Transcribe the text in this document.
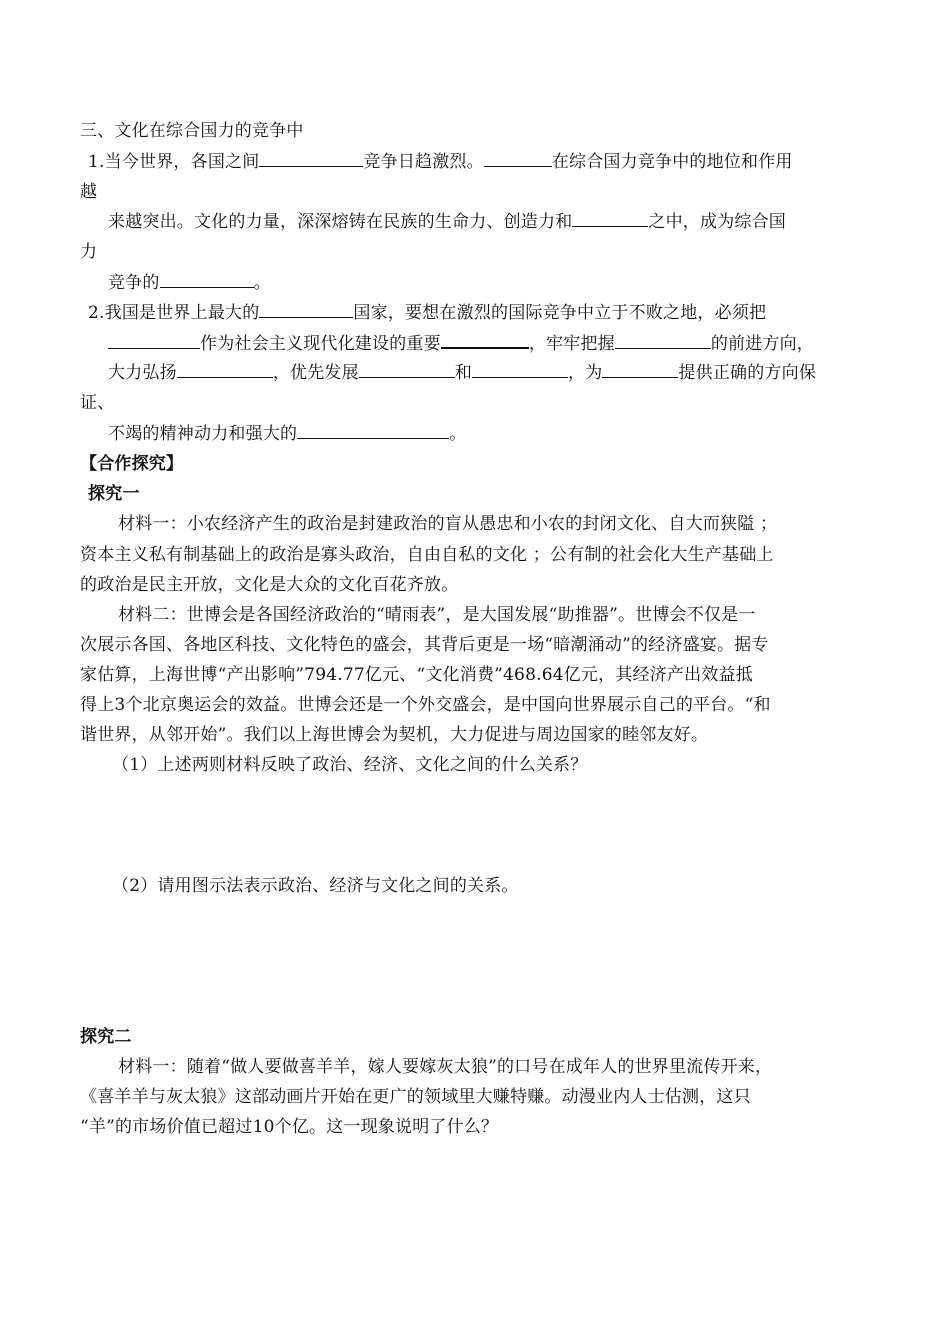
三、文化在综合国力的竞争中
1.当今世界，各国之间	竞争日趋激烈。	在综合国力竞争中的地位和作用
越
来越突出。文化的力量，深深熔铸在民族的生命力、创造力和	之中，成为综合国
力
竞争的	。
2.我国是世界上最大的	国家，要想在激烈的国际竞争中立于不败之地，必须把
作为社会主义现代化建设的重要	，牢牢把握	的前进方向，
大力弘扬	，优先发展	和	，为	提供正确的方向保
证、
不竭的精神动力和强大的	。
【合作探究】
探究一
材料一：小农经济产生的政治是封建政治的盲从愚忠和小农的封闭文化、自大而狭隘 ；
资本主义私有制基础上的政治是寡头政治，自由自私的文化 ；公有制的社会化大生产基础上
的政治是民主开放，文化是大众的文化百花齐放。
材料二：世博会是各国经济政治的“晴雨表”，是大国发展“助推器”。世博会不仅是一
次展示各国、各地区科技、文化特色的盛会，其背后更是一场“暗潮涌动”的经济盛宴。据专
家估算，上海世博“产出影响”794.77亿元、“文化消费”468.64亿元，其经济产出效益抵
得上3个北京奥运会的效益。世博会还是一个外交盛会，是中国向世界展示自己的平台。“和
谐世界，从邻开始”。我们以上海世博会为契机，大力促进与周边国家的睦邻友好。
（1）上述两则材料反映了政治、经济、文化之间的什么关系？
（2）请用图示法表示政治、经济与文化之间的关系。
探究二
材料一：随着“做人要做喜羊羊，嫁人要嫁灰太狼”的口号在成年人的世界里流传开来，
《喜羊羊与灰太狼》这部动画片开始在更广的领域里大赚特赚。动漫业内人士估测，这只
“羊”的市场价值已超过10个亿。这一现象说明了什么？
